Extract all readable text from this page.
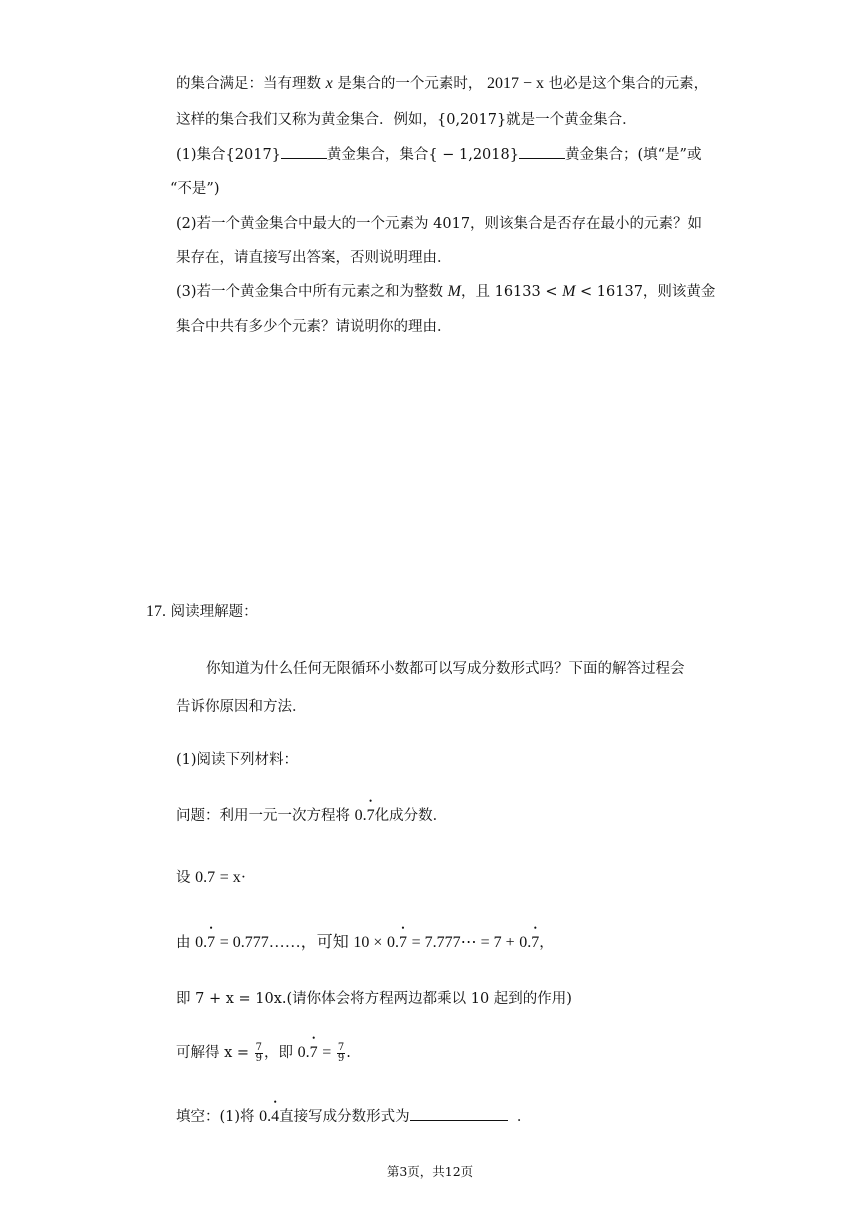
的集合满足：当有理数 x 是集合的一个元素时， 2017 − x 也必是这个集合的元素，
这样的集合我们又称为黄金集合．例如，{0,2017}就是一个黄金集合．
(1)集合{2017}	黄金集合，集合{ − 1,2018}	黄金集合；(填“是”或
“不是”)
(2)若一个黄金集合中最大的一个元素为 4017，则该集合是否存在最小的元素？如
果存在，请直接写出答案，否则说明理由．
(3)若一个黄金集合中所有元素之和为整数 M，且 16133 < M < 16137，则该黄金
集合中共有多少个元素？请说明你的理由．
17. 阅读理解题：
你知道为什么任何无限循环小数都可以写成分数形式吗？下面的解答过程会
告诉你原因和方法．
(1)阅读下列材料：
问题：利用一元一次方程将 0.• 7化成分数．
设 0.7 = x·
由 0.• 7 = 0.777……，可知 10 × 0.• 7 = 7.777⋯ = 7 + 0.• 7，
即 7 + x = 10x.(请你体会将方程两边都乘以 10 起到的作用)
可解得 $x = \frac{7}{9}$ ，即 0.• $7 = \frac{7}{9}$ .
填空：(1)将 0.• 4直接写成分数形式为	．
第3页，共12页
